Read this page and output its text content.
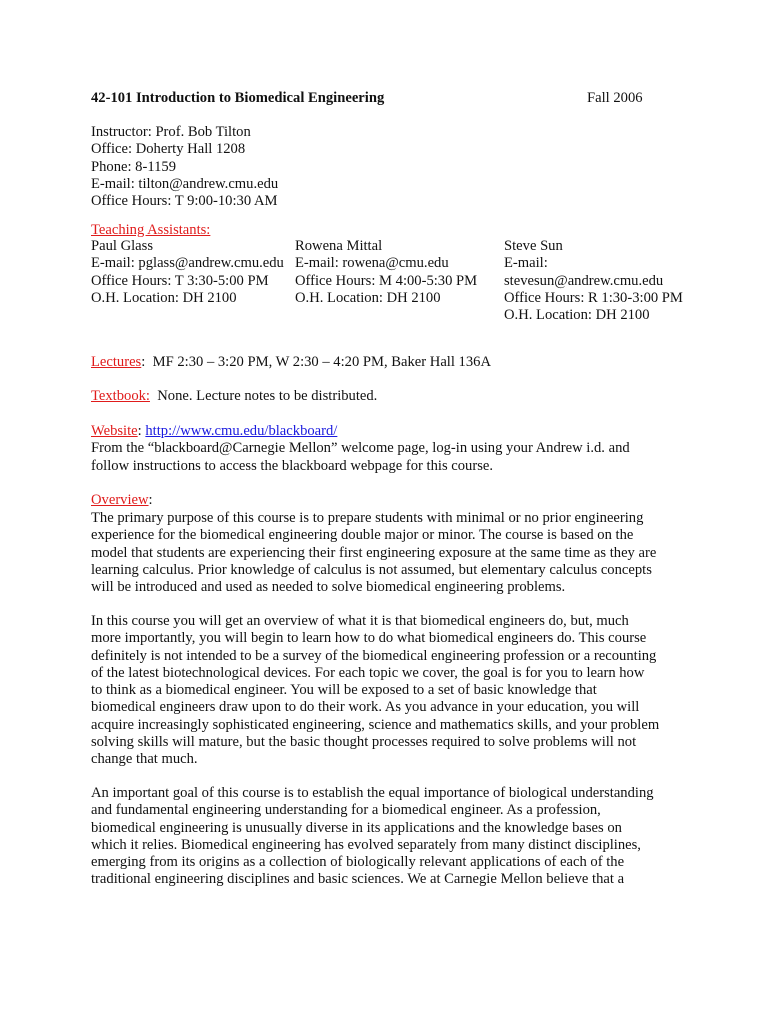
42-101 Introduction to Biomedical Engineering	Fall 2006
Instructor: Prof. Bob Tilton
Office: Doherty Hall 1208
Phone: 8-1159
E-mail: tilton@andrew.cmu.edu
Office Hours: T 9:00-10:30 AM
Teaching Assistants:
Paul Glass
E-mail: pglass@andrew.cmu.edu
Office Hours: T 3:30-5:00 PM
O.H. Location: DH 2100
Rowena Mittal
E-mail: rowena@cmu.edu
Office Hours: M 4:00-5:30 PM
O.H. Location: DH 2100
Steve Sun
E-mail:
stevesun@andrew.cmu.edu
Office Hours: R 1:30-3:00 PM
O.H. Location: DH 2100
Lectures: MF 2:30 – 3:20 PM, W 2:30 – 4:20 PM, Baker Hall 136A
Textbook: None. Lecture notes to be distributed.
Website: http://www.cmu.edu/blackboard/
From the “blackboard@Carnegie Mellon” welcome page, log-in using your Andrew i.d. and
follow instructions to access the blackboard webpage for this course.
Overview:
The primary purpose of this course is to prepare students with minimal or no prior engineering
experience for the biomedical engineering double major or minor. The course is based on the
model that students are experiencing their first engineering exposure at the same time as they are
learning calculus. Prior knowledge of calculus is not assumed, but elementary calculus concepts
will be introduced and used as needed to solve biomedical engineering problems.
In this course you will get an overview of what it is that biomedical engineers do, but, much
more importantly, you will begin to learn how to do what biomedical engineers do. This course
definitely is not intended to be a survey of the biomedical engineering profession or a recounting
of the latest biotechnological devices. For each topic we cover, the goal is for you to learn how
to think as a biomedical engineer. You will be exposed to a set of basic knowledge that
biomedical engineers draw upon to do their work. As you advance in your education, you will
acquire increasingly sophisticated engineering, science and mathematics skills, and your problem
solving skills will mature, but the basic thought processes required to solve problems will not
change that much.
An important goal of this course is to establish the equal importance of biological understanding
and fundamental engineering understanding for a biomedical engineer. As a profession,
biomedical engineering is unusually diverse in its applications and the knowledge bases on
which it relies. Biomedical engineering has evolved separately from many distinct disciplines,
emerging from its origins as a collection of biologically relevant applications of each of the
traditional engineering disciplines and basic sciences. We at Carnegie Mellon believe that a
